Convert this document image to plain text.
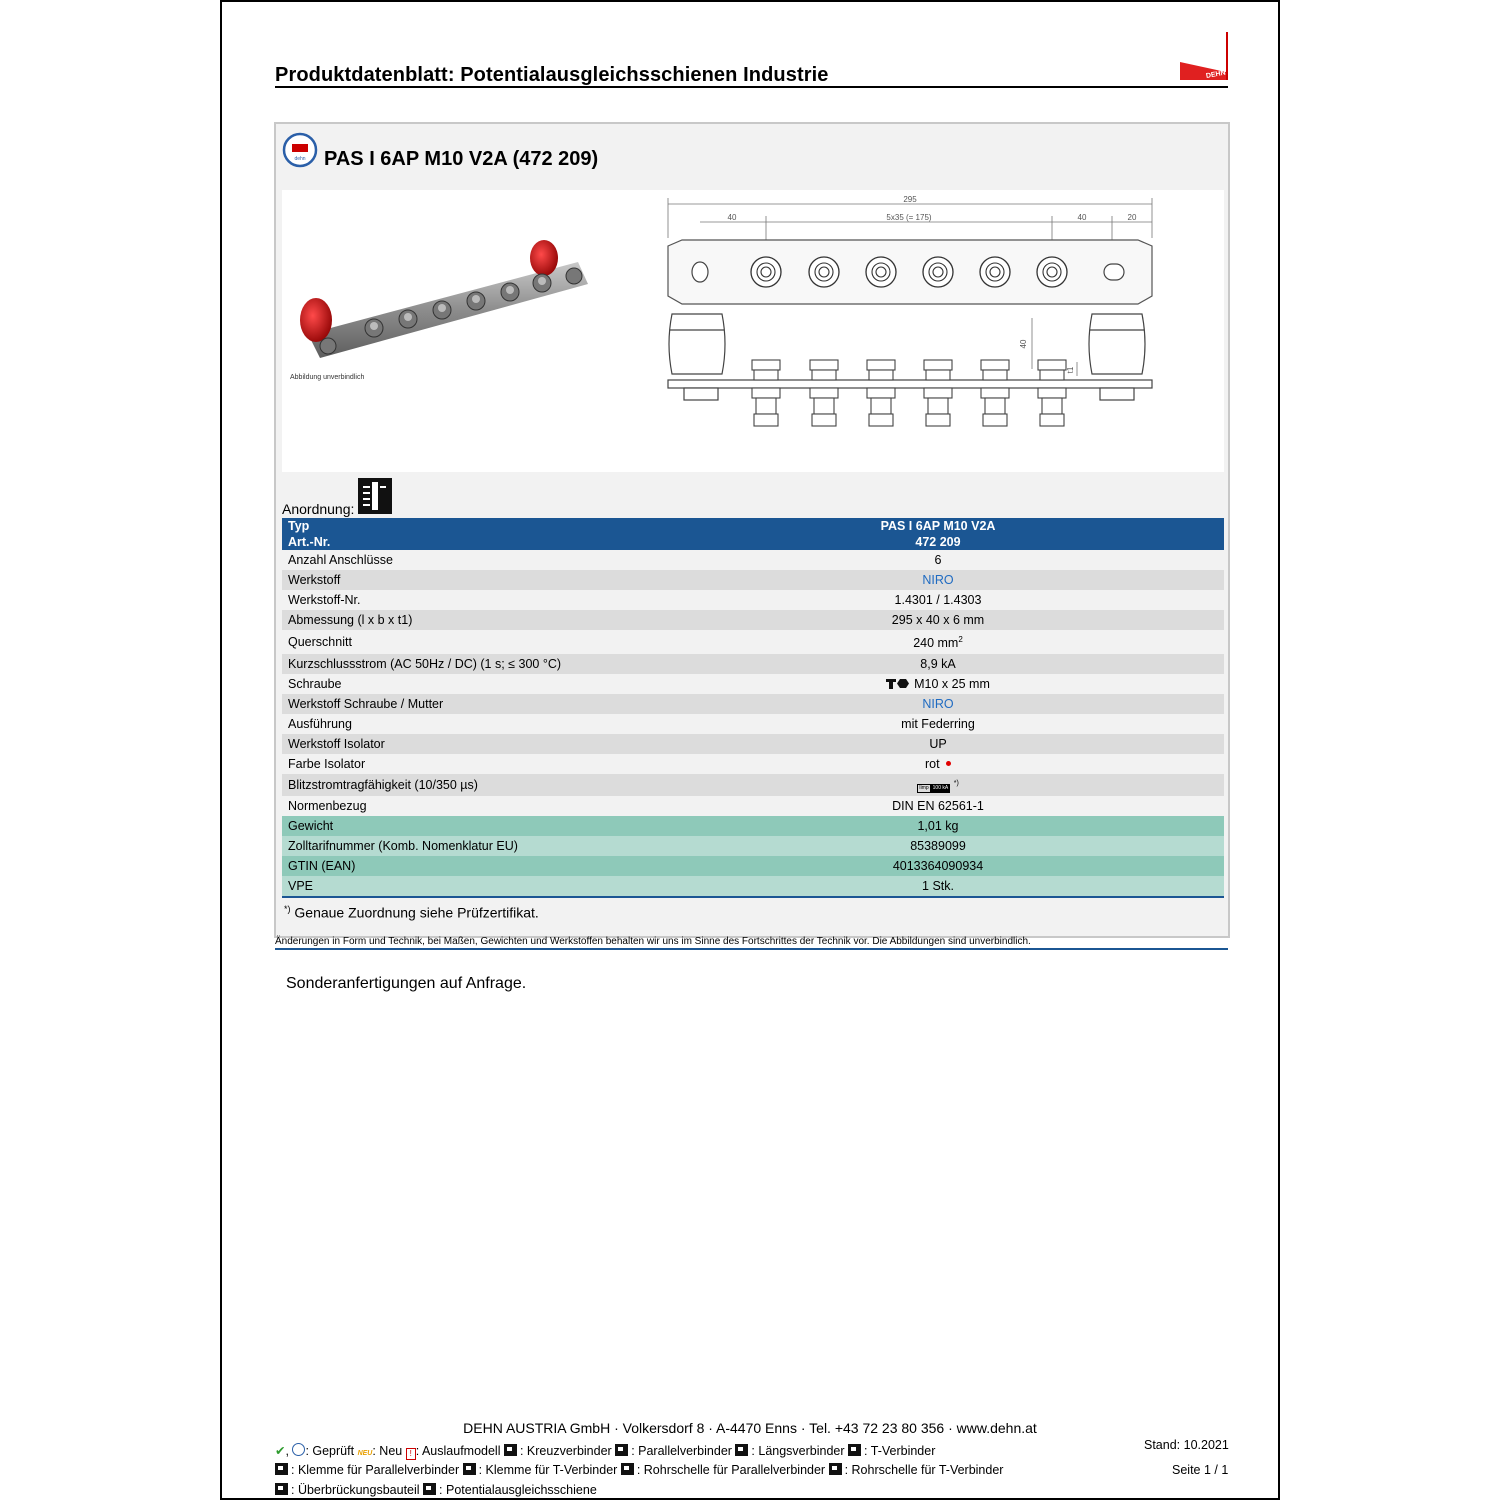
Produktdatenblatt: Potentialausgleichsschienen Industrie	DEHN
dehn PAS I 6AP M10 V2A (472 209)
Abbildung unverbindlich
295
40	5x35 (= 175)	40	20
40
t1
Anordnung:
Typ	PAS I 6AP M10 V2A
Art.-Nr.	472 209
Anzahl Anschlüsse	6
Werkstoff	NIRO
Werkstoff-Nr.	1.4301 / 1.4303
Abmessung (l x b x t1)	295 x 40 x 6 mm
Querschnitt	240 $mm^2$
Kurzschlussstrom (AC 50Hz / DC) (1 s; ≤ 300 °C)	8,9 kA
Schraube	M10 x 25 mm
Werkstoff Schraube / Mutter	NIRO
Ausführung	mit Federring
Werkstoff Isolator	UP
Farbe Isolator	rot
Blitzstromtragfähigkeit (10/350 µs)	Iimp 100 kA *)
Normenbezug	DIN EN 62561-1
Gewicht	1,01 kg
Zolltarifnummer (Komb. Nomenklatur EU)	85389099
GTIN (EAN)	4013364090934
VPE	1 Stk.
*) Genaue Zuordnung siehe Prüfzertifikat.
Änderungen in Form und Technik, bei Maßen, Gewichten und Werkstoffen behalten wir uns im Sinne des Fortschrittes der Technik vor. Die Abbildungen sind unverbindlich.
Sonderanfertigungen auf Anfrage.
DEHN AUSTRIA GmbH · Volkersdorf 8 · A-4470 Enns · Tel. +43 72 23 80 356 · www.dehn.at
✔, : Geprüft NEU: Neu ! : Auslaufmodell : Kreuzverbinder : Parallelverbinder : Längsverbinder : T-Verbinder
: Klemme für Parallelverbinder : Klemme für T-Verbinder : Rohrschelle für Parallelverbinder : Rohrschelle für T-Verbinder
: Überbrückungsbauteil : Potentialausgleichsschiene
Stand: 10.2021
Seite 1 / 1
